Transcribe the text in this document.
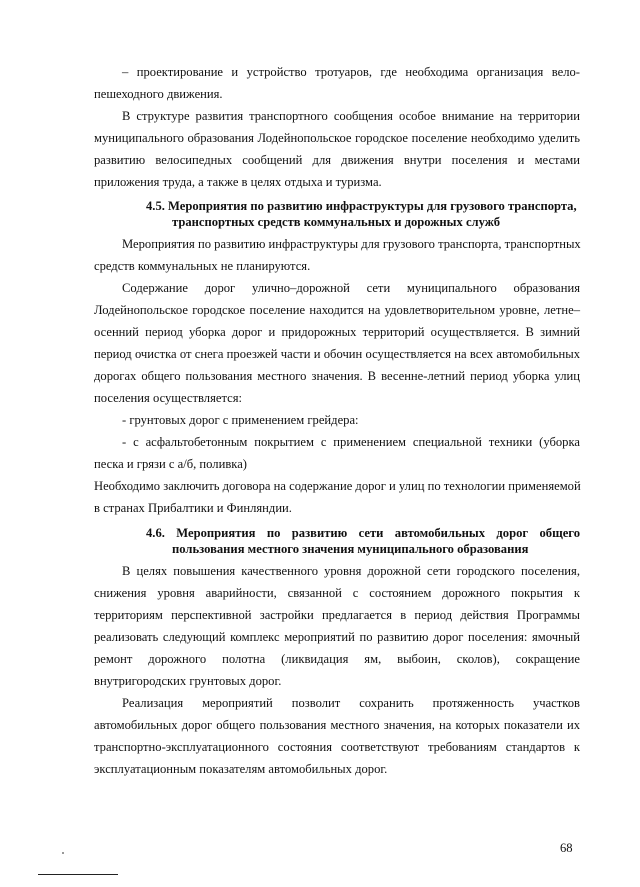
– проектирование и устройство тротуаров, где необходима организация вело-
пешеходного движения.
В структуре развития транспортного сообщения особое внимание на территории
муниципального образования Лодейнопольское городское поселение необходимо уделить
развитию велосипедных сообщений для движения внутри поселения и местами
приложения труда, а также в целях отдыха и туризма.
4.5. Мероприятия по развитию инфраструктуры для грузового транспорта,
транспортных средств коммунальных и дорожных служб
Мероприятия по развитию инфраструктуры для грузового транспорта, транспортных
средств коммунальных не планируются.
Содержание дорог улично–дорожной сети муниципального образования
Лодейнопольское городское поселение находится на удовлетворительном уровне, летне–
осенний период уборка дорог и придорожных территорий осуществляется. В зимний
период очистка от снега проезжей части и обочин осуществляется на всех автомобильных
дорогах общего пользования местного значения. В весенне-летний период уборка улиц
поселения осуществляется:
- грунтовых дорог с применением грейдера:
- с асфальтобетонным покрытием с применением специальной техники (уборка
песка и грязи с а/б, поливка)
Необходимо заключить договора на содержание дорог и улиц по технологии применяемой
в странах Прибалтики и Финляндии.
4.6. Мероприятия по развитию сети автомобильных дорог общего
пользования местного значения муниципального образования
В целях повышения качественного уровня дорожной сети городского поселения,
снижения уровня аварийности, связанной с состоянием дорожного покрытия к
территориям перспективной застройки предлагается в период действия Программы
реализовать следующий комплекс мероприятий по развитию дорог поселения: ямочный
ремонт дорожного полотна (ликвидация ям, выбоин, сколов), сокращение
внутригородских грунтовых дорог.
Реализация мероприятий позволит сохранить протяженность участков
автомобильных дорог общего пользования местного значения, на которых показатели их
транспортно-эксплуатационного состояния соответствуют требованиям стандартов к
эксплуатационным показателям автомобильных дорог.
68
